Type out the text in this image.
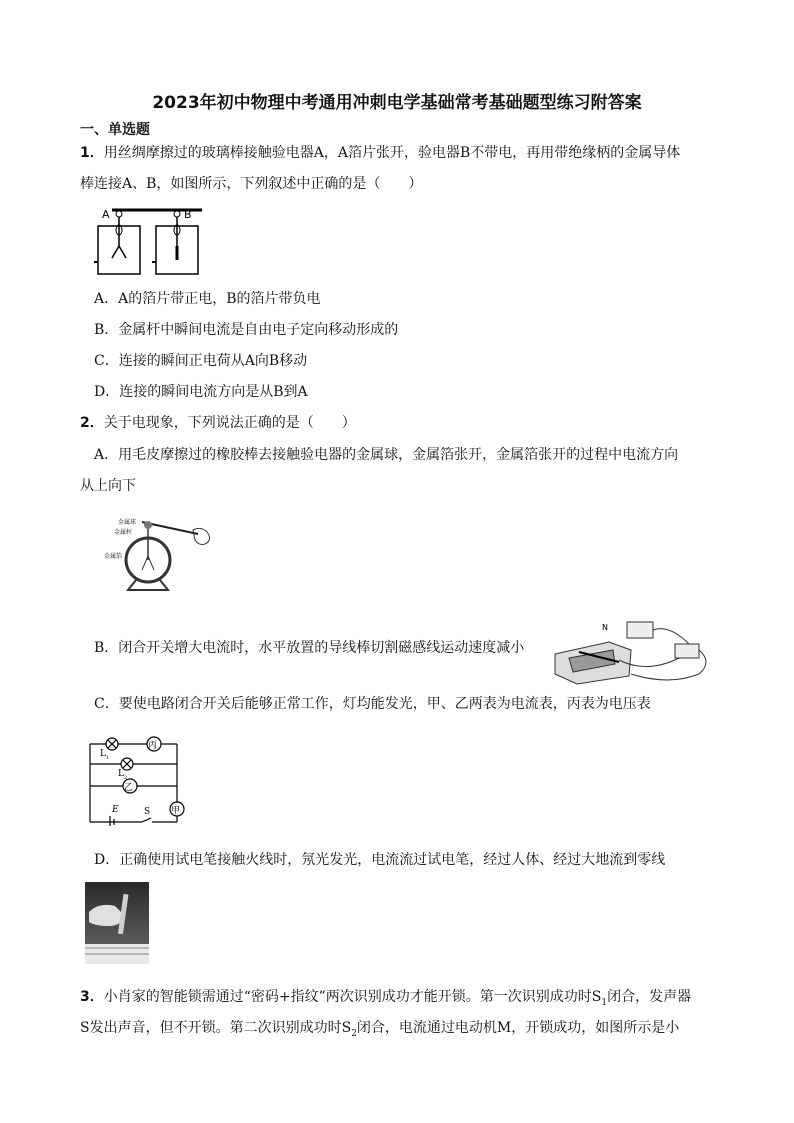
2023年初中物理中考通用冲刺电学基础常考基础题型练习附答案
一、单选题
1．用丝绸摩擦过的玻璃棒接触验电器A，A箔片张开，验电器B不带电，再用带绝缘柄的金属导体
棒连接A、B，如图所示，下列叙述中正确的是（　　）
A	B
A．A的箔片带正电，B的箔片带负电
B．金属杆中瞬间电流是自由电子定向移动形成的
C．连接的瞬间正电荷从A向B移动
D．连接的瞬间电流方向是从B到A
2．关于电现象，下列说法正确的是（　　）
A．用毛皮摩擦过的橡胶棒去接触验电器的金属球，金属箔张开，金属箔张开的过程中电流方向
从上向下
金属球
金属杆
金属箔
B．闭合开关增大电流时，水平放置的导线棒切割磁感线运动速度减小
N
C．要使电路闭合开关后能够正常工作，灯均能发光，甲、乙两表为电流表，丙表为电压表
丙
乙
甲
L 1
L 2
E	S
D．正确使用试电笔接触火线时，氖光发光，电流流过试电笔，经过人体、经过大地流到零线
3．小肖家的智能锁需通过“密码+指纹”两次识别成功才能开锁。第一次识别成功时$S_1$闭合，发声器
S发出声音，但不开锁。第二次识别成功时$S_2$闭合，电流通过电动机M，开锁成功，如图所示是小
